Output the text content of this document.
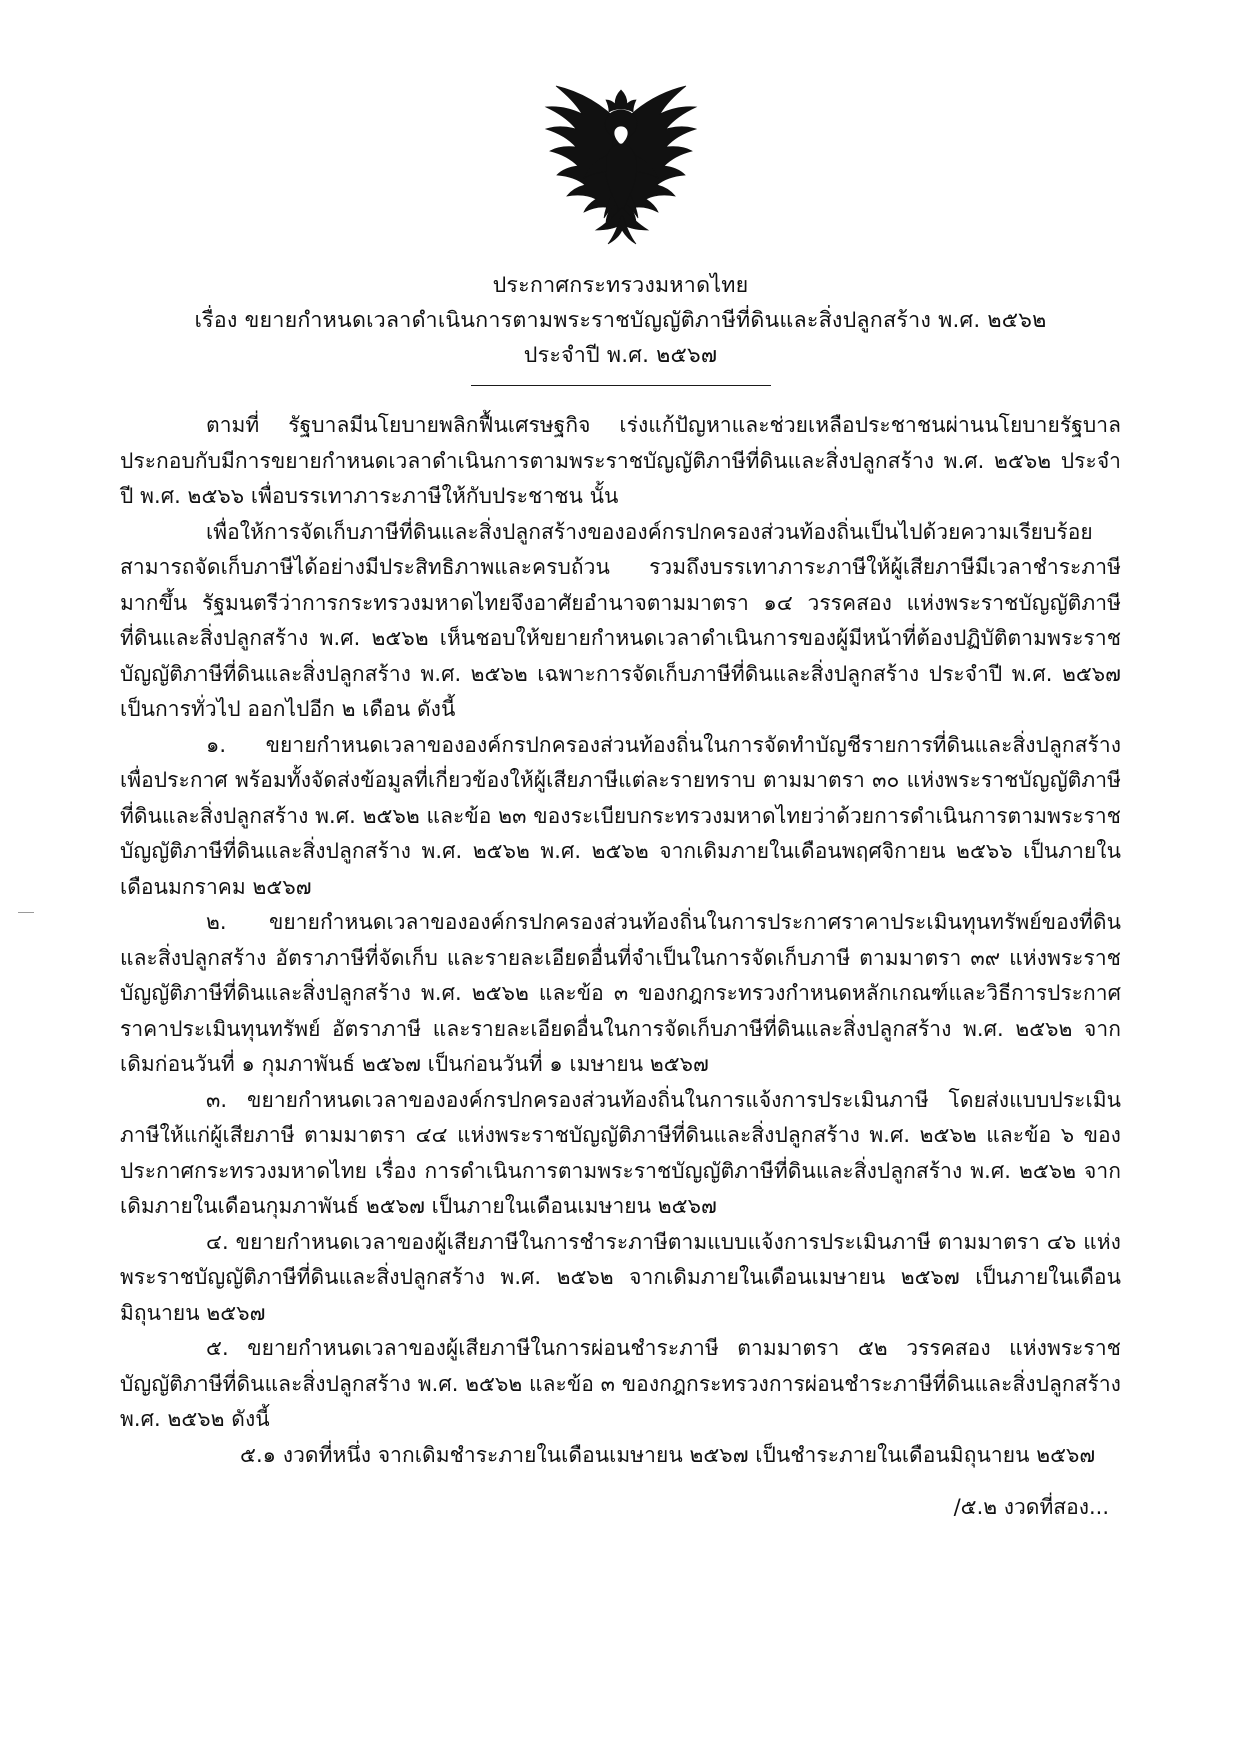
ประกาศกระทรวงมหาดไทย
เรื่อง ขยายกำหนดเวลาดำเนินการตามพระราชบัญญัติภาษีที่ดินและสิ่งปลูกสร้าง พ.ศ. ๒๕๖๒
ประจำปี พ.ศ. ๒๕๖๗

ตามที่ รัฐบาลมีนโยบายพลิกฟื้นเศรษฐกิจ เร่งแก้ปัญหาและช่วยเหลือประชาชนผ่านนโยบายรัฐบาล ประกอบกับมีการขยายกำหนดเวลาดำเนินการตามพระราชบัญญัติภาษีที่ดินและสิ่งปลูกสร้าง พ.ศ. ๒๕๖๒ ประจำปี พ.ศ. ๒๕๖๖ เพื่อบรรเทาภาระภาษีให้กับประชาชน นั้น

เพื่อให้การจัดเก็บภาษีที่ดินและสิ่งปลูกสร้างขององค์กรปกครองส่วนท้องถิ่นเป็นไปด้วยความเรียบร้อย สามารถจัดเก็บภาษีได้อย่างมีประสิทธิภาพและครบถ้วน รวมถึงบรรเทาภาระภาษีให้ผู้เสียภาษีมีเวลาชำระภาษีมากขึ้น รัฐมนตรีว่าการกระทรวงมหาดไทยจึงอาศัยอำนาจตามมาตรา ๑๔ วรรคสอง แห่งพระราชบัญญัติภาษีที่ดินและสิ่งปลูกสร้าง พ.ศ. ๒๕๖๒ เห็นชอบให้ขยายกำหนดเวลาดำเนินการของผู้มีหน้าที่ต้องปฏิบัติตามพระราชบัญญัติภาษีที่ดินและสิ่งปลูกสร้าง พ.ศ. ๒๕๖๒ เฉพาะการจัดเก็บภาษีที่ดินและสิ่งปลูกสร้าง ประจำปี พ.ศ. ๒๕๖๗ เป็นการทั่วไป ออกไปอีก ๒ เดือน ดังนี้

๑. ขยายกำหนดเวลาขององค์กรปกครองส่วนท้องถิ่นในการจัดทำบัญชีรายการที่ดินและสิ่งปลูกสร้างเพื่อประกาศ พร้อมทั้งจัดส่งข้อมูลที่เกี่ยวข้องให้ผู้เสียภาษีแต่ละรายทราบ ตามมาตรา ๓๐ แห่งพระราชบัญญัติภาษีที่ดินและสิ่งปลูกสร้าง พ.ศ. ๒๕๖๒ และข้อ ๒๓ ของระเบียบกระทรวงมหาดไทยว่าด้วยการดำเนินการตามพระราชบัญญัติภาษีที่ดินและสิ่งปลูกสร้าง พ.ศ. ๒๕๖๒ พ.ศ. ๒๕๖๒ จากเดิมภายในเดือนพฤศจิกายน ๒๕๖๖ เป็นภายในเดือนมกราคม ๒๕๖๗

๒. ขยายกำหนดเวลาขององค์กรปกครองส่วนท้องถิ่นในการประกาศราคาประเมินทุนทรัพย์ของที่ดินและสิ่งปลูกสร้าง อัตราภาษีที่จัดเก็บ และรายละเอียดอื่นที่จำเป็นในการจัดเก็บภาษี ตามมาตรา ๓๙ แห่งพระราชบัญญัติภาษีที่ดินและสิ่งปลูกสร้าง พ.ศ. ๒๕๖๒ และข้อ ๓ ของกฎกระทรวงกำหนดหลักเกณฑ์และวิธีการประกาศราคาประเมินทุนทรัพย์ อัตราภาษี และรายละเอียดอื่นในการจัดเก็บภาษีที่ดินและสิ่งปลูกสร้าง พ.ศ. ๒๕๖๒ จากเดิมก่อนวันที่ ๑ กุมภาพันธ์ ๒๕๖๗ เป็นก่อนวันที่ ๑ เมษายน ๒๕๖๗

๓. ขยายกำหนดเวลาขององค์กรปกครองส่วนท้องถิ่นในการแจ้งการประเมินภาษี โดยส่งแบบประเมินภาษีให้แก่ผู้เสียภาษี ตามมาตรา ๔๔ แห่งพระราชบัญญัติภาษีที่ดินและสิ่งปลูกสร้าง พ.ศ. ๒๕๖๒ และข้อ ๖ ของประกาศกระทรวงมหาดไทย เรื่อง การดำเนินการตามพระราชบัญญัติภาษีที่ดินและสิ่งปลูกสร้าง พ.ศ. ๒๕๖๒ จากเดิมภายในเดือนกุมภาพันธ์ ๒๕๖๗ เป็นภายในเดือนเมษายน ๒๕๖๗

๔. ขยายกำหนดเวลาของผู้เสียภาษีในการชำระภาษีตามแบบแจ้งการประเมินภาษี ตามมาตรา ๔๖ แห่งพระราชบัญญัติภาษีที่ดินและสิ่งปลูกสร้าง พ.ศ. ๒๕๖๒ จากเดิมภายในเดือนเมษายน ๒๕๖๗ เป็นภายในเดือนมิถุนายน ๒๕๖๗

๕. ขยายกำหนดเวลาของผู้เสียภาษีในการผ่อนชำระภาษี ตามมาตรา ๕๒ วรรคสอง แห่งพระราชบัญญัติภาษีที่ดินและสิ่งปลูกสร้าง พ.ศ. ๒๕๖๒ และข้อ ๓ ของกฎกระทรวงการผ่อนชำระภาษีที่ดินและสิ่งปลูกสร้าง พ.ศ. ๒๕๖๒ ดังนี้

๕.๑ งวดที่หนึ่ง จากเดิมชำระภายในเดือนเมษายน ๒๕๖๗ เป็นชำระภายในเดือนมิถุนายน ๒๕๖๗

/๕.๒ งวดที่สอง...
